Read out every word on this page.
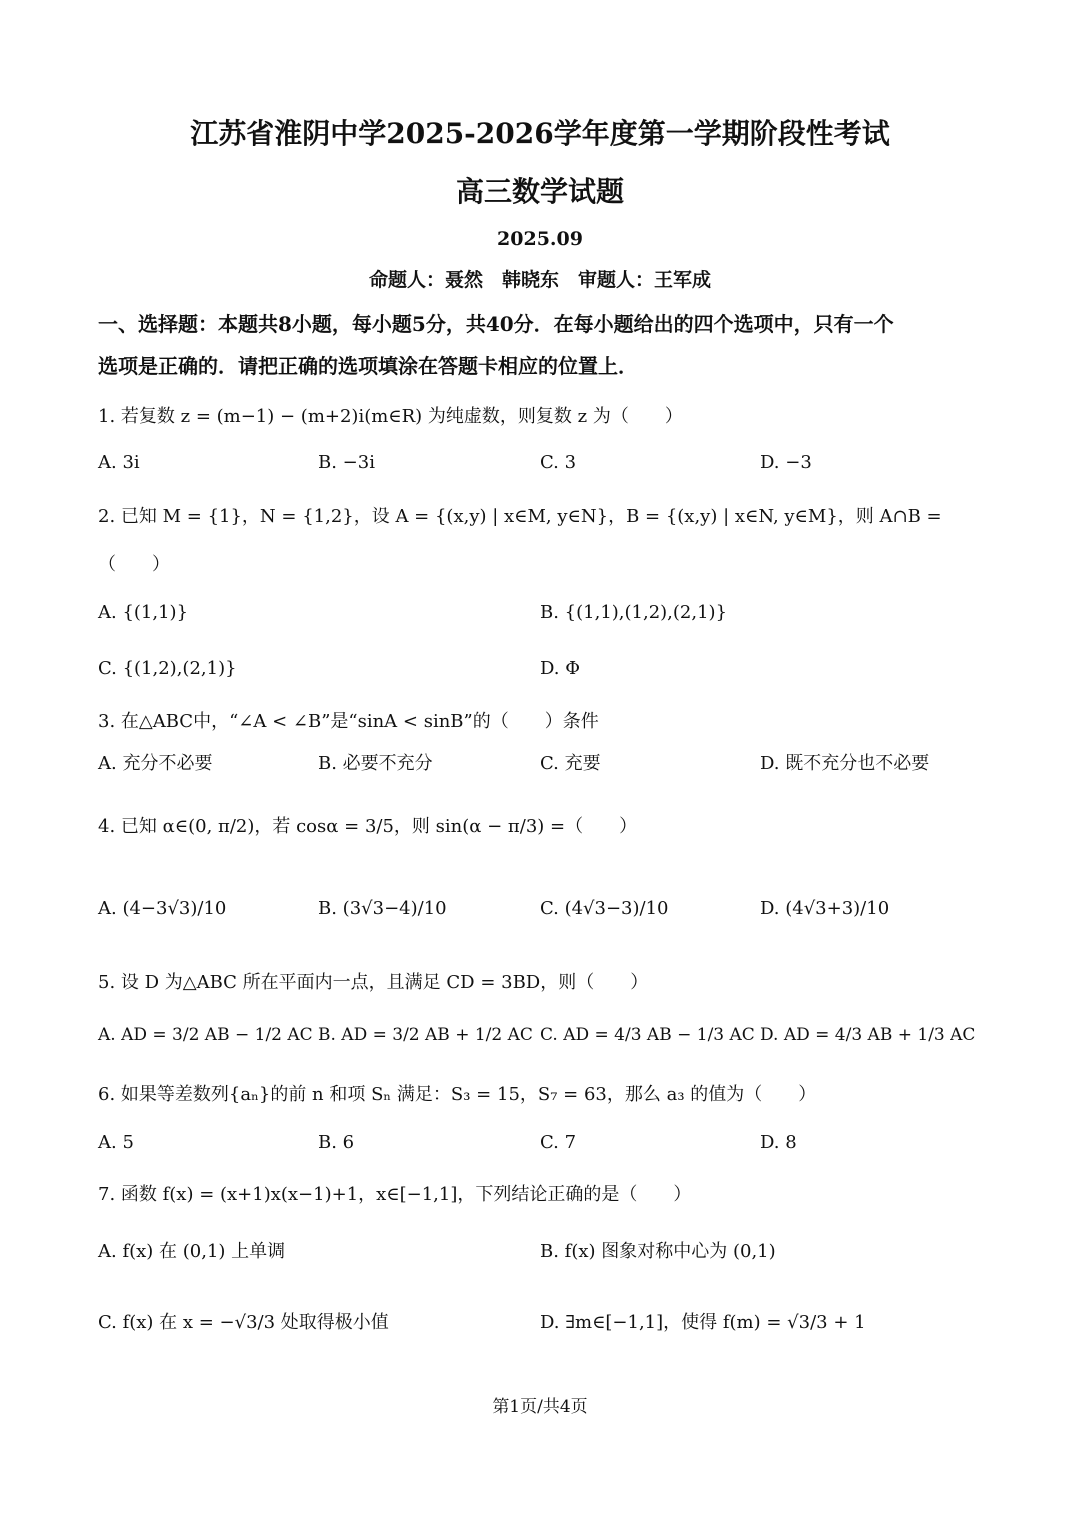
江苏省淮阴中学2025-2026学年度第一学期阶段性考试
高三数学试题
2025.09
命题人：聂然　韩晓东　审题人：王军成
一、选择题：本题共8小题，每小题5分，共40分．在每小题给出的四个选项中，只有一个
选项是正确的．请把正确的选项填涂在答题卡相应的位置上．
1. 若复数 z = (m−1) − (m+2)i(m∈R) 为纯虚数，则复数 z 为（　　）
A. 3i	B. −3i	C. 3	D. −3
2. 已知 M = {1}，N = {1,2}，设 A = {(x,y) | x∈M, y∈N}，B = {(x,y) | x∈N, y∈M}，则 A∩B =
（　　）
A. {(1,1)}	B. {(1,1),(1,2),(2,1)}
C. {(1,2),(2,1)}	D. Φ
3. 在△ABC中，“∠A < ∠B”是“sinA < sinB”的（　　）条件
A. 充分不必要	B. 必要不充分	C. 充要	D. 既不充分也不必要
4. 已知 α∈(0, π/2)，若 cosα = 3/5，则 sin(α − π/3) =（　　）
A. (4−3√3)/10	B. (3√3−4)/10	C. (4√3−3)/10	D. (4√3+3)/10
5. 设 D 为△ABC 所在平面内一点，且满足 CD = 3BD，则（　　）
A. AD = 3/2 AB − 1/2 AC B. AD = 3/2 AB + 1/2 AC C. AD = 4/3 AB − 1/3 AC D. AD = 4/3 AB + 1/3 AC
6. 如果等差数列{aₙ}的前 n 和项 Sₙ 满足：S₃ = 15，S₇ = 63，那么 a₃ 的值为（　　）
A. 5	B. 6	C. 7	D. 8
7. 函数 f(x) = (x+1)x(x−1)+1，x∈[−1,1]，下列结论正确的是（　　）
A. f(x) 在 (0,1) 上单调	B. f(x) 图象对称中心为 (0,1)
C. f(x) 在 x = −√3/3 处取得极小值	D. ∃m∈[−1,1]，使得 f(m) = √3/3 + 1
第1页/共4页
